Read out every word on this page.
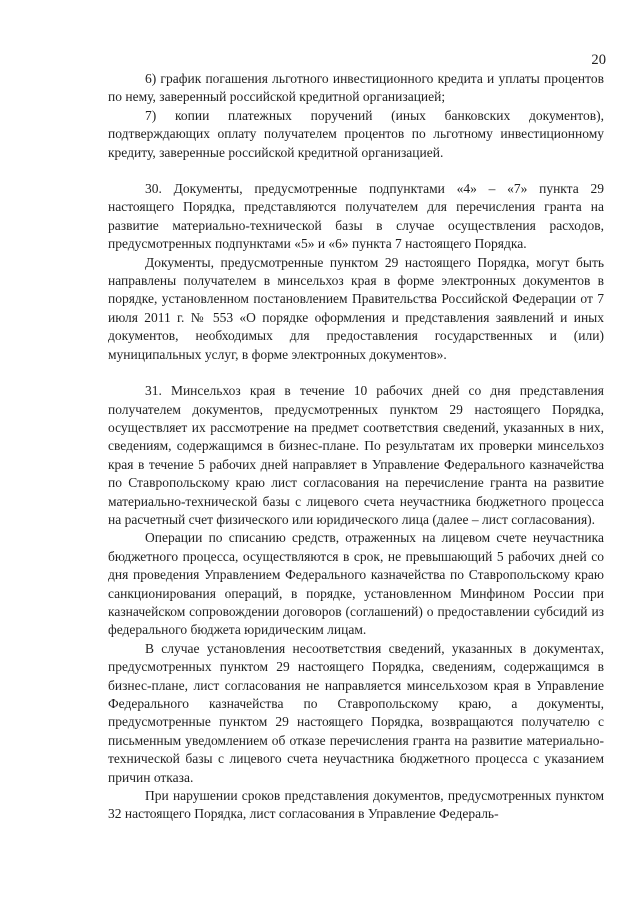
20

6) график погашения льготного инвестиционного кредита и уплаты процентов по нему, заверенный российской кредитной организацией;

7) копии платежных поручений (иных банковских документов), подтверждающих оплату получателем процентов по льготному инвестиционному кредиту, заверенные российской кредитной организацией.

30. Документы, предусмотренные подпунктами «4» – «7» пункта 29 настоящего Порядка, представляются получателем для перечисления гранта на развитие материально-технической базы в случае осуществления расходов, предусмотренных подпунктами «5» и «6» пункта 7 настоящего Порядка.

Документы, предусмотренные пунктом 29 настоящего Порядка, могут быть направлены получателем в минсельхоз края в форме электронных документов в порядке, установленном постановлением Правительства Российской Федерации от 7 июля 2011 г. № 553 «О порядке оформления и представления заявлений и иных документов, необходимых для предоставления государственных и (или) муниципальных услуг, в форме электронных документов».

31. Минсельхоз края в течение 10 рабочих дней со дня представления получателем документов, предусмотренных пунктом 29 настоящего Порядка, осуществляет их рассмотрение на предмет соответствия сведений, указанных в них, сведениям, содержащимся в бизнес-плане. По результатам их проверки минсельхоз края в течение 5 рабочих дней направляет в Управление Федерального казначейства по Ставропольскому краю лист согласования на перечисление гранта на развитие материально-технической базы с лицевого счета неучастника бюджетного процесса на расчетный счет физического или юридического лица (далее – лист согласования).

Операции по списанию средств, отраженных на лицевом счете неучастника бюджетного процесса, осуществляются в срок, не превышающий 5 рабочих дней со дня проведения Управлением Федерального казначейства по Ставропольскому краю санкционирования операций, в порядке, установленном Минфином России при казначейском сопровождении договоров (соглашений) о предоставлении субсидий из федерального бюджета юридическим лицам.

В случае установления несоответствия сведений, указанных в документах, предусмотренных пунктом 29 настоящего Порядка, сведениям, содержащимся в бизнес-плане, лист согласования не направляется минсельхозом края в Управление Федерального казначейства по Ставропольскому краю, а документы, предусмотренные пунктом 29 настоящего Порядка, возвращаются получателю с письменным уведомлением об отказе перечисления гранта на развитие материально-технической базы с лицевого счета неучастника бюджетного процесса с указанием причин отказа.

При нарушении сроков представления документов, предусмотренных пунктом 32 настоящего Порядка, лист согласования в Управление Федераль-
